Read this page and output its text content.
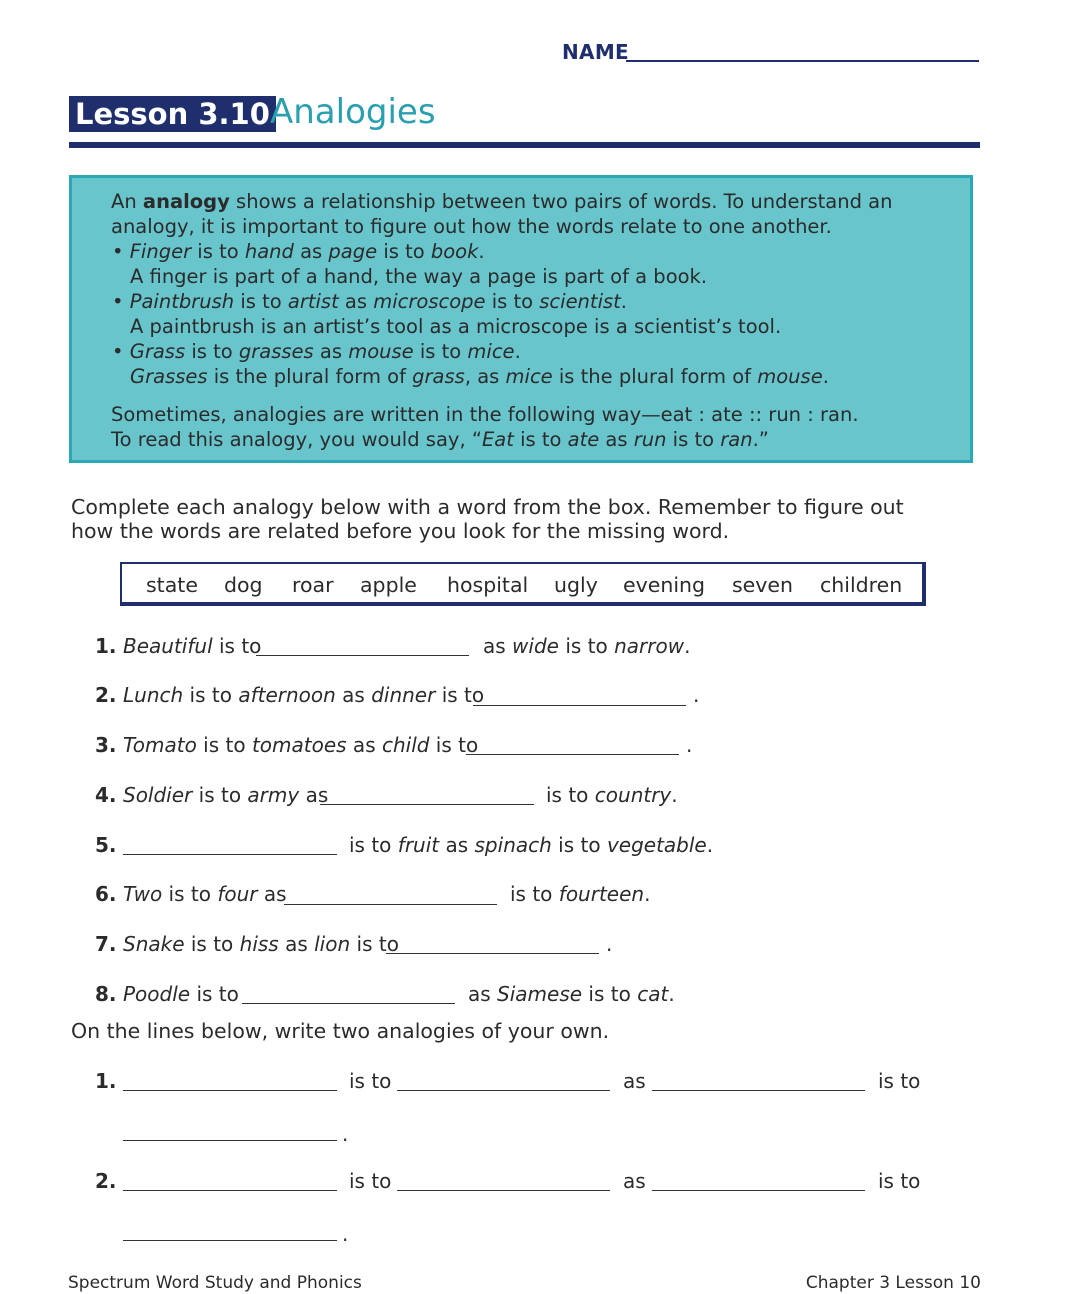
NAME
Lesson 3.10 Analogies
An analogy shows a relationship between two pairs of words. To understand an
analogy, it is important to figure out how the words relate to one another.
• Finger is to hand as page is to book.
A finger is part of a hand, the way a page is part of a book.
• Paintbrush is to artist as microscope is to scientist.
A paintbrush is an artist’s tool as a microscope is a scientist’s tool.
• Grass is to grasses as mouse is to mice.
Grasses is the plural form of grass, as mice is the plural form of mouse.
Sometimes, analogies are written in the following way—eat : ate :: run : ran.
To read this analogy, you would say, “Eat is to ate as run is to ran.”
Complete each analogy below with a word from the box. Remember to figure out
how the words are related before you look for the missing word.
state dog roar apple hospital ugly evening seven children
1. Beautiful is to	as wide is to narrow.
2. Lunch is to afternoon as dinner is to	.
3. Tomato is to tomatoes as child is to	.
4. Soldier is to army as	is to country.
5.	is to fruit as spinach is to vegetable.
6. Two is to four as	is to fourteen.
7. Snake is to hiss as lion is to	.
8. Poodle is to	as Siamese is to cat.
On the lines below, write two analogies of your own.
1.	is to	as	is to
.
2.	is to	as	is to
.
Spectrum Word Study and Phonics	Chapter 3 Lesson 10
